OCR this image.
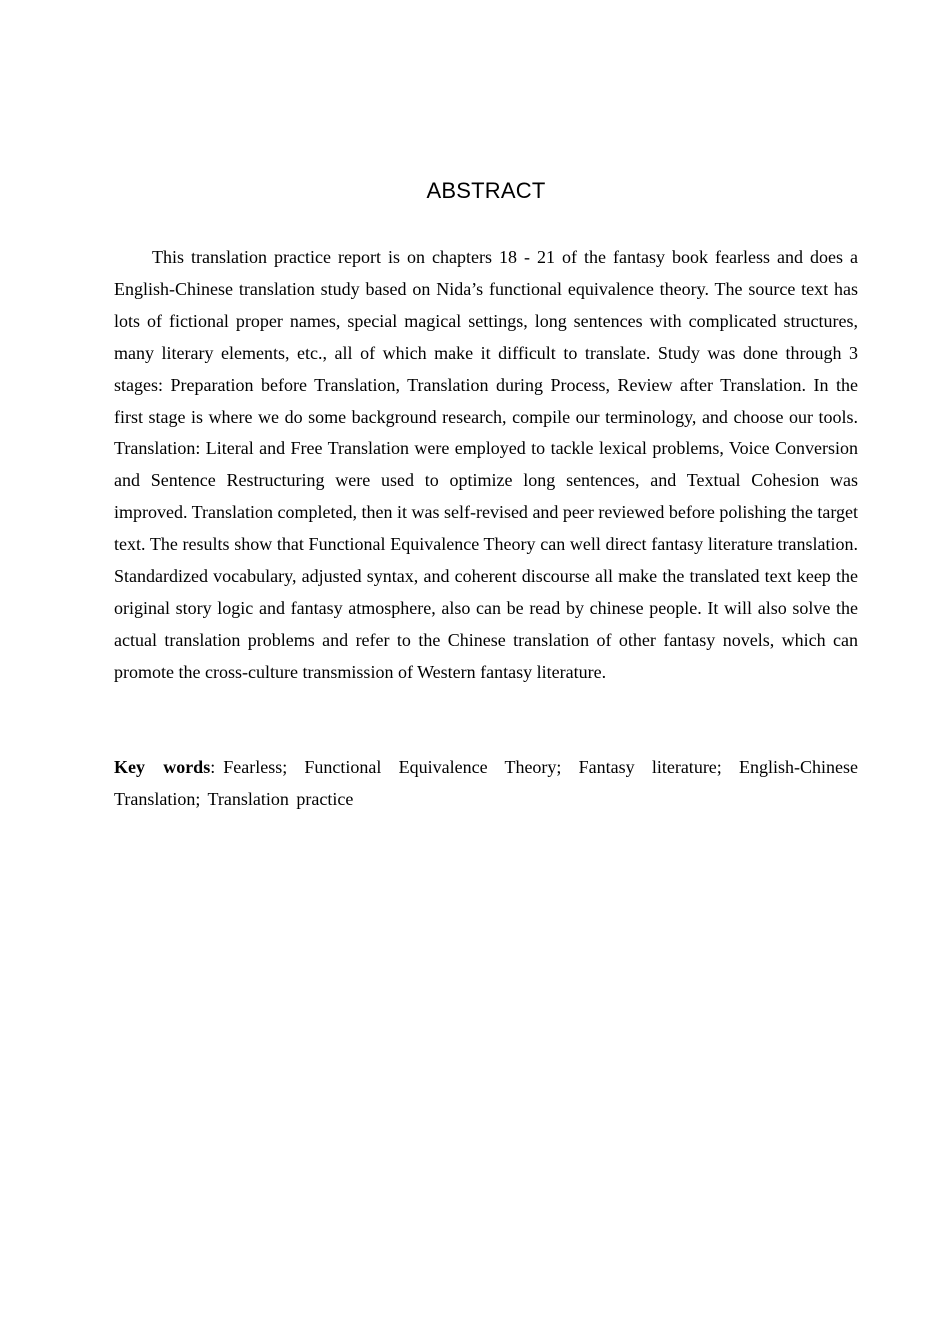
ABSTRACT

This translation practice report is on chapters 18 - 21 of the fantasy book fearless and does a English-Chinese translation study based on Nida’s functional equivalence theory. The source text has lots of fictional proper names, special magical settings, long sentences with complicated structures, many literary elements, etc., all of which make it difficult to translate. Study was done through 3 stages: Preparation before Translation, Translation during Process, Review after Translation. In the first stage is where we do some background research, compile our terminology, and choose our tools. Translation: Literal and Free Translation were employed to tackle lexical problems, Voice Conversion and Sentence Restructuring were used to optimize long sentences, and Textual Cohesion was improved. Translation completed, then it was self-revised and peer reviewed before polishing the target text. The results show that Functional Equivalence Theory can well direct fantasy literature translation. Standardized vocabulary, adjusted syntax, and coherent discourse all make the translated text keep the original story logic and fantasy atmosphere, also can be read by chinese people. It will also solve the actual translation problems and refer to the Chinese translation of other fantasy novels, which can promote the cross-culture transmission of Western fantasy literature.

Key words: Fearless; Functional Equivalence Theory; Fantasy literature; English-Chinese Translation; Translation practice
